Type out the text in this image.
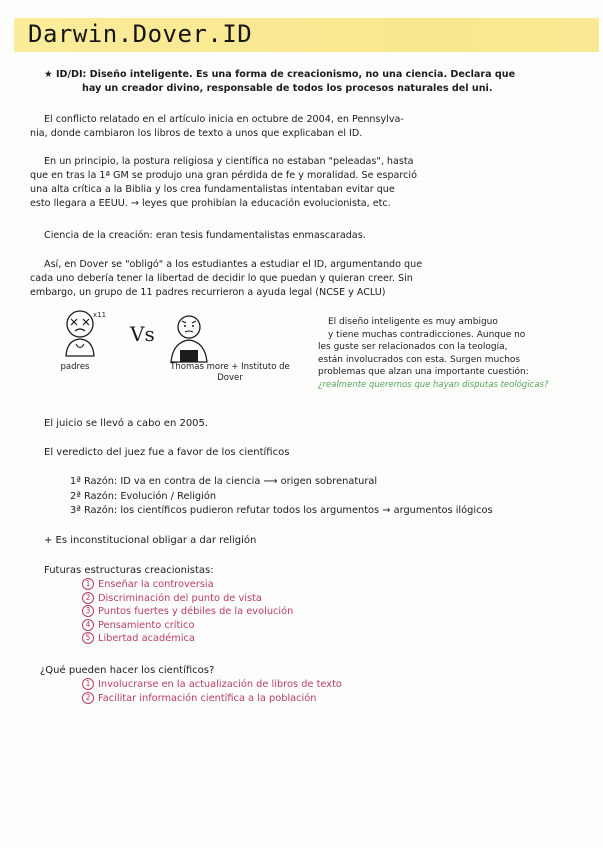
Darwin.Dover.ID
★ ID/DI: Diseño inteligente. Es una forma de creacionismo, no una ciencia. Declara que
hay un creador divino, responsable de todos los procesos naturales del uni.
El conflicto relatado en el artículo inicia en octubre de 2004, en Pennsylva-
nia, donde cambiaron los libros de texto a unos que explicaban el ID.
En un principio, la postura religiosa y científica no estaban "peleadas", hasta
que en tras la 1ª GM se produjo una gran pérdida de fe y moralidad. Se esparció
una alta crítica a la Biblia y los crea fundamentalistas intentaban evitar que
esto llegara a EEUU. → leyes que prohibían la educación evolucionista, etc.
Ciencia de la creación: eran tesis fundamentalistas enmascaradas.
Así, en Dover se "obligó" a los estudiantes a estudiar el ID, argumentando que
cada uno debería tener la libertad de decidir lo que puedan y quieran creer. Sin
embargo, un grupo de 11 padres recurrieron a ayuda legal (NCSE y ACLU)
x11
padres
Vs
Thomas more + Instituto de
Dover
El diseño inteligente es muy ambiguo
y tiene muchas contradicciones. Aunque no
les guste ser relacionados con la teología,
están involucrados con esta. Surgen muchos
problemas que alzan una importante cuestión:
¿realmente queremos que hayan disputas teológicas?
El juicio se llevó a cabo en 2005.
El veredicto del juez fue a favor de los científicos
1ª Razón: ID va en contra de la ciencia ⟶ origen sobrenatural
2ª Razón: Evolución / Religión
3ª Razón: los científicos pudieron refutar todos los argumentos → argumentos ilógicos
+ Es inconstitucional obligar a dar religión
Futuras estructuras creacionistas:
1 Enseñar la controversia
2 Discriminación del punto de vista
3 Puntos fuertes y débiles de la evolución
4 Pensamiento crítico
5 Libertad académica
¿Qué pueden hacer los científicos?
1 Involucrarse en la actualización de libros de texto
2 Facilitar información científica a la población
